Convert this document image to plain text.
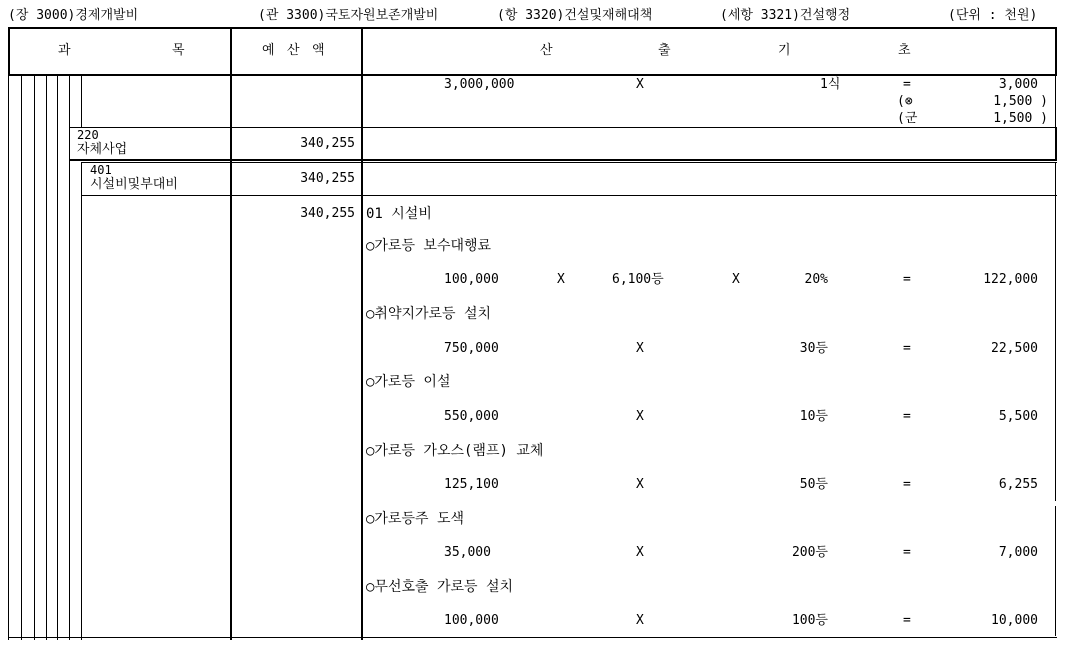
(장 3000)경제개발비	(관 3300)국토자원보존개발비	(항 3320)건설및재해대책	(세항 3321)건설행정	(단위 : 천원)
과	목	예 산 액	산	출	기	초
3,000,000	X	1식	=	3,000
(⊗	1,500 )
(군	1,500 )
220
자체사업	340,255
401
시설비및부대비	340,255
340,255 01 시설비
○가로등 보수대행료
100,000	X	6,100등	X	20%	=	122,000
○취약지가로등 설치
750,000	X	30등	=	22,500
○가로등 이설
550,000	X	10등	=	5,500
○가로등 가오스(램프) 교체
125,100	X	50등	=	6,255
○가로등주 도색
35,000	X	200등	=	7,000
○무선호출 가로등 설치
100,000	X	100등	=	10,000
